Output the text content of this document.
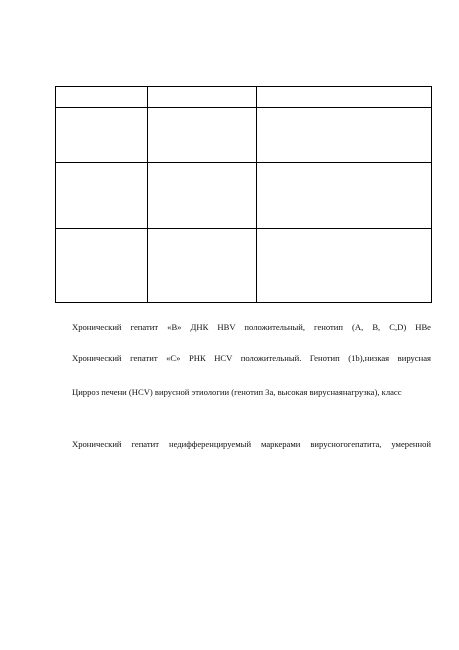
Хронический гепатит «В» ДНК HBV положительный, генотип (A, B, C,D) HBe
Хронический гепатит «С» РНК HCV положительный. Генотип (1b),низкая вирусная
Цирроз печени (HCV) вирусной этиологии (генотип 3а, высокая вируснаянагрузка), класс
Хронический гепатит недифференцируемый маркерами вирусногогепатита, умеренной
